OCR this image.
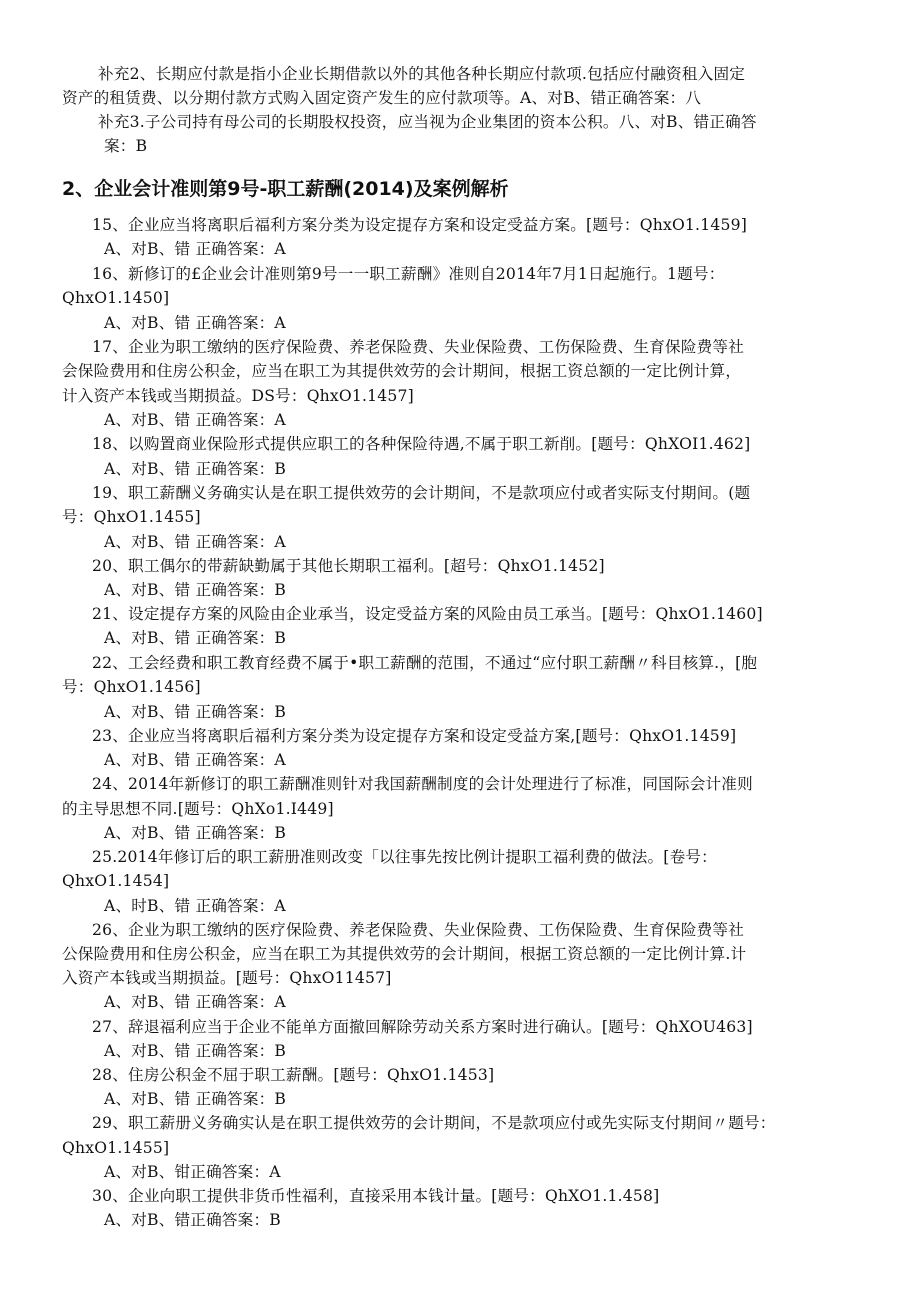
补充2、长期应付款是指小企业长期借款以外的其他各种长期应付款项.包括应付融资租入固定
资产的租赁费、以分期付款方式购入固定资产发生的应付款项等。A、对B、错正确答案：八
补充3.子公司持有母公司的长期股权投资，应当视为企业集团的资本公积。八、对B、错正确答
案：B
2、企业会计准则第9号-职工薪酬(2014)及案例解析
15、企业应当将离职后福利方案分类为设定提存方案和设定受益方案。[题号：QhxO1.1459]
A、对B、错 正确答案：A
16、新修订的£企业会计准则第9号一一职工薪酬》准则自2014年7月1日起施行。1题号：
QhxO1.1450]
A、对B、错 正确答案：A
17、企业为职工缴纳的医疗保险费、养老保险费、失业保险费、工伤保险费、生育保险费等社
会保险费用和住房公积金，应当在职工为其提供效劳的会计期间，根据工资总额的一定比例计算，
计入资产本钱或当期损益。DS号：QhxO1.1457]
A、对B、错 正确答案：A
18、以购置商业保险形式提供应职工的各种保险待遇,不属于职工新削。[题号：QhXOI1.462]
A、对B、错 正确答案：B
19、职工薪酬义务确实认是在职工提供效劳的会计期间，不是款项应付或者实际支付期间。(题
号：QhxO1.1455]
A、对B、错 正确答案：A
20、职工偶尔的带薪缺勤属于其他长期职工福利。[超号：QhxO1.1452]
A、对B、错 正确答案：B
21、设定提存方案的风险由企业承当，设定受益方案的风险由员工承当。[题号：QhxO1.1460]
A、对B、错 正确答案：B
22、工会经费和职工教育经费不属于•职工薪酬的范围，不通过“应付职工薪酬〃科目核算.，[胞
号：QhxO1.1456]
A、对B、错 正确答案：B
23、企业应当将离职后福利方案分类为设定提存方案和设定受益方案,[题号：QhxO1.1459]
A、对B、错 正确答案：A
24、2014年新修订的职工薪酬准则针对我国薪酬制度的会计处理进行了标准，同国际会计准则
的主导思想不同.[题号：QhXo1.I449]
A、对B、错 正确答案：B
25.2014年修订后的职工薪册准则改变「以往事先按比例计提职工福利费的做法。[卷号：
QhxO1.1454]
A、时B、错 正确答案：A
26、企业为职工缴纳的医疗保险费、养老保险费、失业保险费、工伤保险费、生育保险费等社
公保险费用和住房公积金，应当在职工为其提供效劳的会计期间，根据工资总额的一定比例计算.计
入资产本钱或当期损益。[题号：QhxO11457]
A、对B、错 正确答案：A
27、辞退福利应当于企业不能单方面撤回解除劳动关系方案时进行确认。[题号：QhXOU463]
A、对B、错 正确答案：B
28、住房公积金不屈于职工薪酬。[题号：QhxO1.1453]
A、对B、错 正确答案：B
29、职工薪册义务确实认是在职工提供效劳的会计期间，不是款项应付或先实际支付期间〃题号：
QhxO1.1455]
A、对B、钳正确答案：A
30、企业向职工提供非货币性福利，直接采用本钱计量。[题号：QhXO1.1.458]
A、对B、错正确答案：B
